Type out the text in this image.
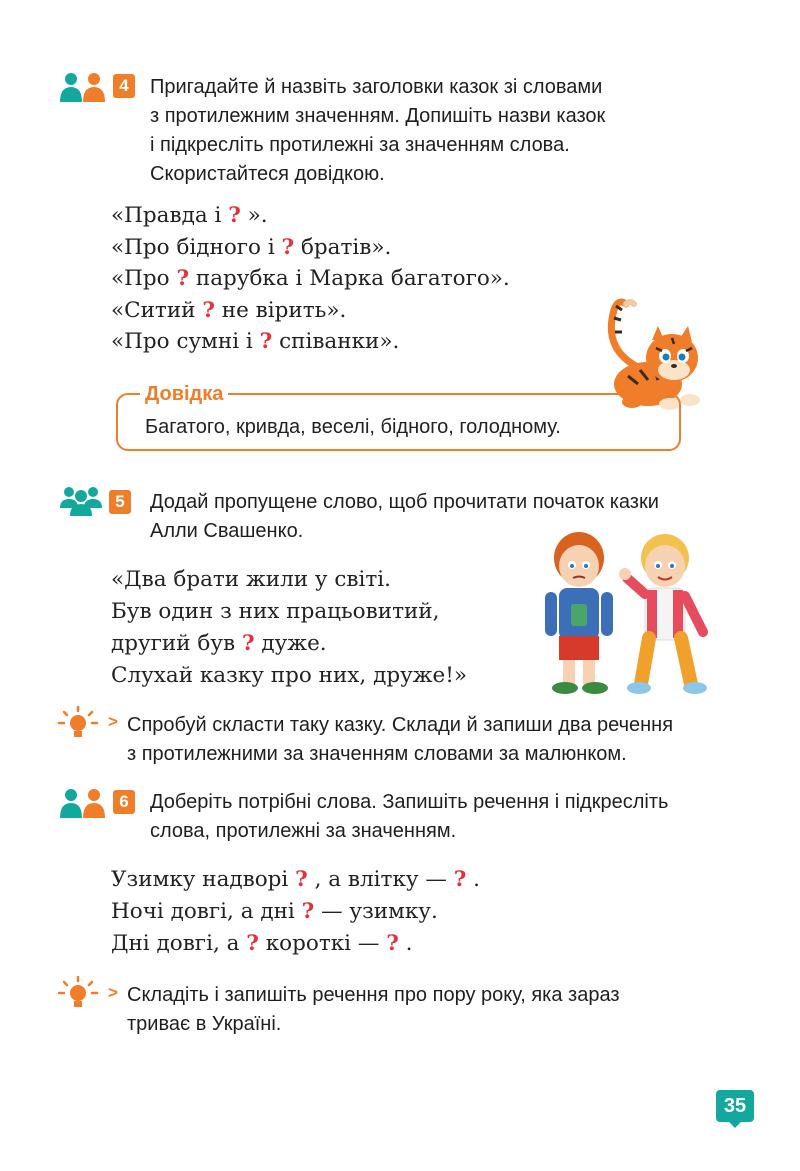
4	Пригадайте й назвіть заголовки казок зі словами
з протилежним значенням. Допишіть назви казок
і підкресліть протилежні за значенням слова.
Скористайтеся довідкою.

«Правда і ? ».
«Про бідного і ? братів».
«Про ? парубка і Марка багатого».
«Ситий ? не вірить».
«Про сумні і ? співанки».
Довідка
Багатого, кривда, веселі, бідного, голодному.
5	Додай пропущене слово, щоб прочитати початок казки
Алли Свашенко.

«Два брати жили у світі.
Був один з них працьовитий,
другий був ? дуже.
Слухай казку про них, друже!»
> Спробуй скласти таку казку. Склади й запиши два речення
з протилежними за значенням словами за малюнком.

6	Доберіть потрібні слова. Запишіть речення і підкресліть
слова, протилежні за значенням.

Узимку надворі ? , а влітку — ? .
Ночі довгі, а дні ? — узимку.
Дні довгі, а ? короткі — ? .
> Складіть і запишіть речення про пору року, яка зараз
триває в Україні.

35
